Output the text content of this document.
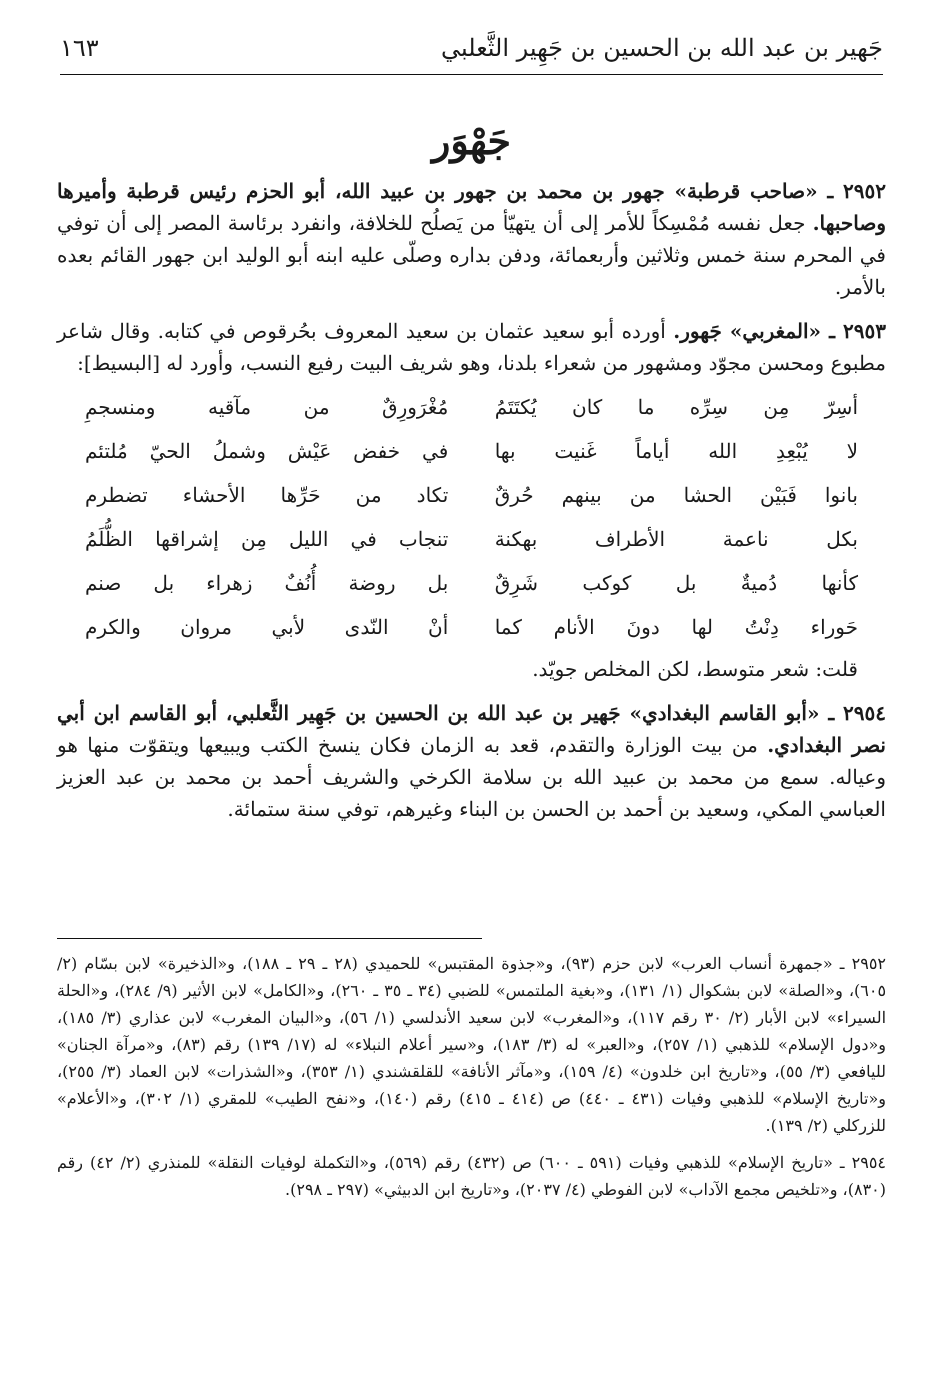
جَهير بن عبد الله بن الحسين بن جَهِير الثَّعلبي
١٦٣
جَهْوَر

٢٩٥٢ ـ «صاحب قرطبة» جهور بن محمد بن جهور بن عبيد الله، أبو الحزم رئيس قرطبة وأميرها وصاحبها. جعل نفسه مُمْسِكاً للأمر إلى أن يتهيّأ من يَصلُح للخلافة، وانفرد برئاسة المصر إلى أن توفي في المحرم سنة خمس وثلاثين وأربعمائة، ودفن بداره وصلّى عليه ابنه أبو الوليد ابن جهور القائم بعده بالأمر.

٢٩٥٣ ـ «المغربي» جَهور. أورده أبو سعيد عثمان بن سعيد المعروف بحُرقوص في كتابه. وقال شاعر مطبوع ومحسن مجوّد ومشهور من شعراء بلدنا، وهو شريف البيت رفيع النسب، وأورد له [البسيط]:

أسِرّ مِن سِرِّه ما كان يُكتَتَمُ
مُغْرَورِقٌ من مآقيه ومنسجمِ
لا يُبْعِدِ الله أياماً غَنيت بها
في خفض عَيْش وشملُ الحيّ مُلتئم
بانوا فَبَيْن الحشا من بينهم حُرقٌ
تكاد من حَرِّها الأحشاء تضطرم
بكل ناعمة الأطراف بهكنة
تنجاب في الليل مِن إشراقها الظُّلَمُ
كأنها دُميةٌ بل كوكب شَرِقٌ
بل روضة أُنُفٌ زهراء بل صنم
حَوراء دِنْتُ لها دونَ الأنام كما
أنْ النّدى لأبي مروان والكرم
قلت: شعر متوسط، لكن المخلص جويّد.

٢٩٥٤ ـ «أبو القاسم البغدادي» جَهير بن عبد الله بن الحسين بن جَهِير الثَّعلبي، أبو القاسم ابن أبي نصر البغدادي. من بيت الوزارة والتقدم، قعد به الزمان فكان ينسخ الكتب ويبيعها ويتقوّت منها هو وعياله. سمع من محمد بن عبيد الله بن سلامة الكرخي والشريف أحمد بن محمد بن عبد العزيز العباسي المكي، وسعيد بن أحمد بن الحسن بن البناء وغيرهم، توفي سنة ستمائة.

٢٩٥٢ ـ «جمهرة أنساب العرب» لابن حزم (٩٣)، و«جذوة المقتبس» للحميدي (٢٨ ـ ٢٩ ـ ١٨٨)، و«الذخيرة» لابن بسّام (٢/ ٦٠٥)، و«الصلة» لابن بشكوال (١/ ١٣١)، و«بغية الملتمس» للضبي (٣٤ ـ ٣٥ ـ ٢٦٠)، و«الكامل» لابن الأثير (٩/ ٢٨٤)، و«الحلة السيراء» لابن الأبار (٢/ ٣٠ رقم ١١٧)، و«المغرب» لابن سعيد الأندلسي (١/ ٥٦)، و«البيان المغرب» لابن عذاري (٣/ ١٨٥)، و«دول الإسلام» للذهبي (١/ ٢٥٧)، و«العبر» له (٣/ ١٨٣)، و«سير أعلام النبلاء» له (١٧/ ١٣٩) رقم (٨٣)، و«مرآة الجنان» لليافعي (٣/ ٥٥)، و«تاريخ ابن خلدون» (٤/ ١٥٩)، و«مآثر الأنافة» للقلقشندي (١/ ٣٥٣)، و«الشذرات» لابن العماد (٣/ ٢٥٥)، و«تاريخ الإسلام» للذهبي وفيات (٤٣١ ـ ٤٤٠) ص (٤١٤ ـ ٤١٥) رقم (١٤٠)، و«نفح الطيب» للمقري (١/ ٣٠٢)، و«الأعلام» للزركلي (٢/ ١٣٩).

٢٩٥٤ ـ «تاريخ الإسلام» للذهبي وفيات (٥٩١ ـ ٦٠٠) ص (٤٣٢) رقم (٥٦٩)، و«التكملة لوفيات النقلة» للمنذري (٢/ ٤٢) رقم (٨٣٠)، و«تلخيص مجمع الآداب» لابن الفوطي (٤/ ٢٠٣٧)، و«تاريخ ابن الدبيثي» (٢٩٧ ـ ٢٩٨).
